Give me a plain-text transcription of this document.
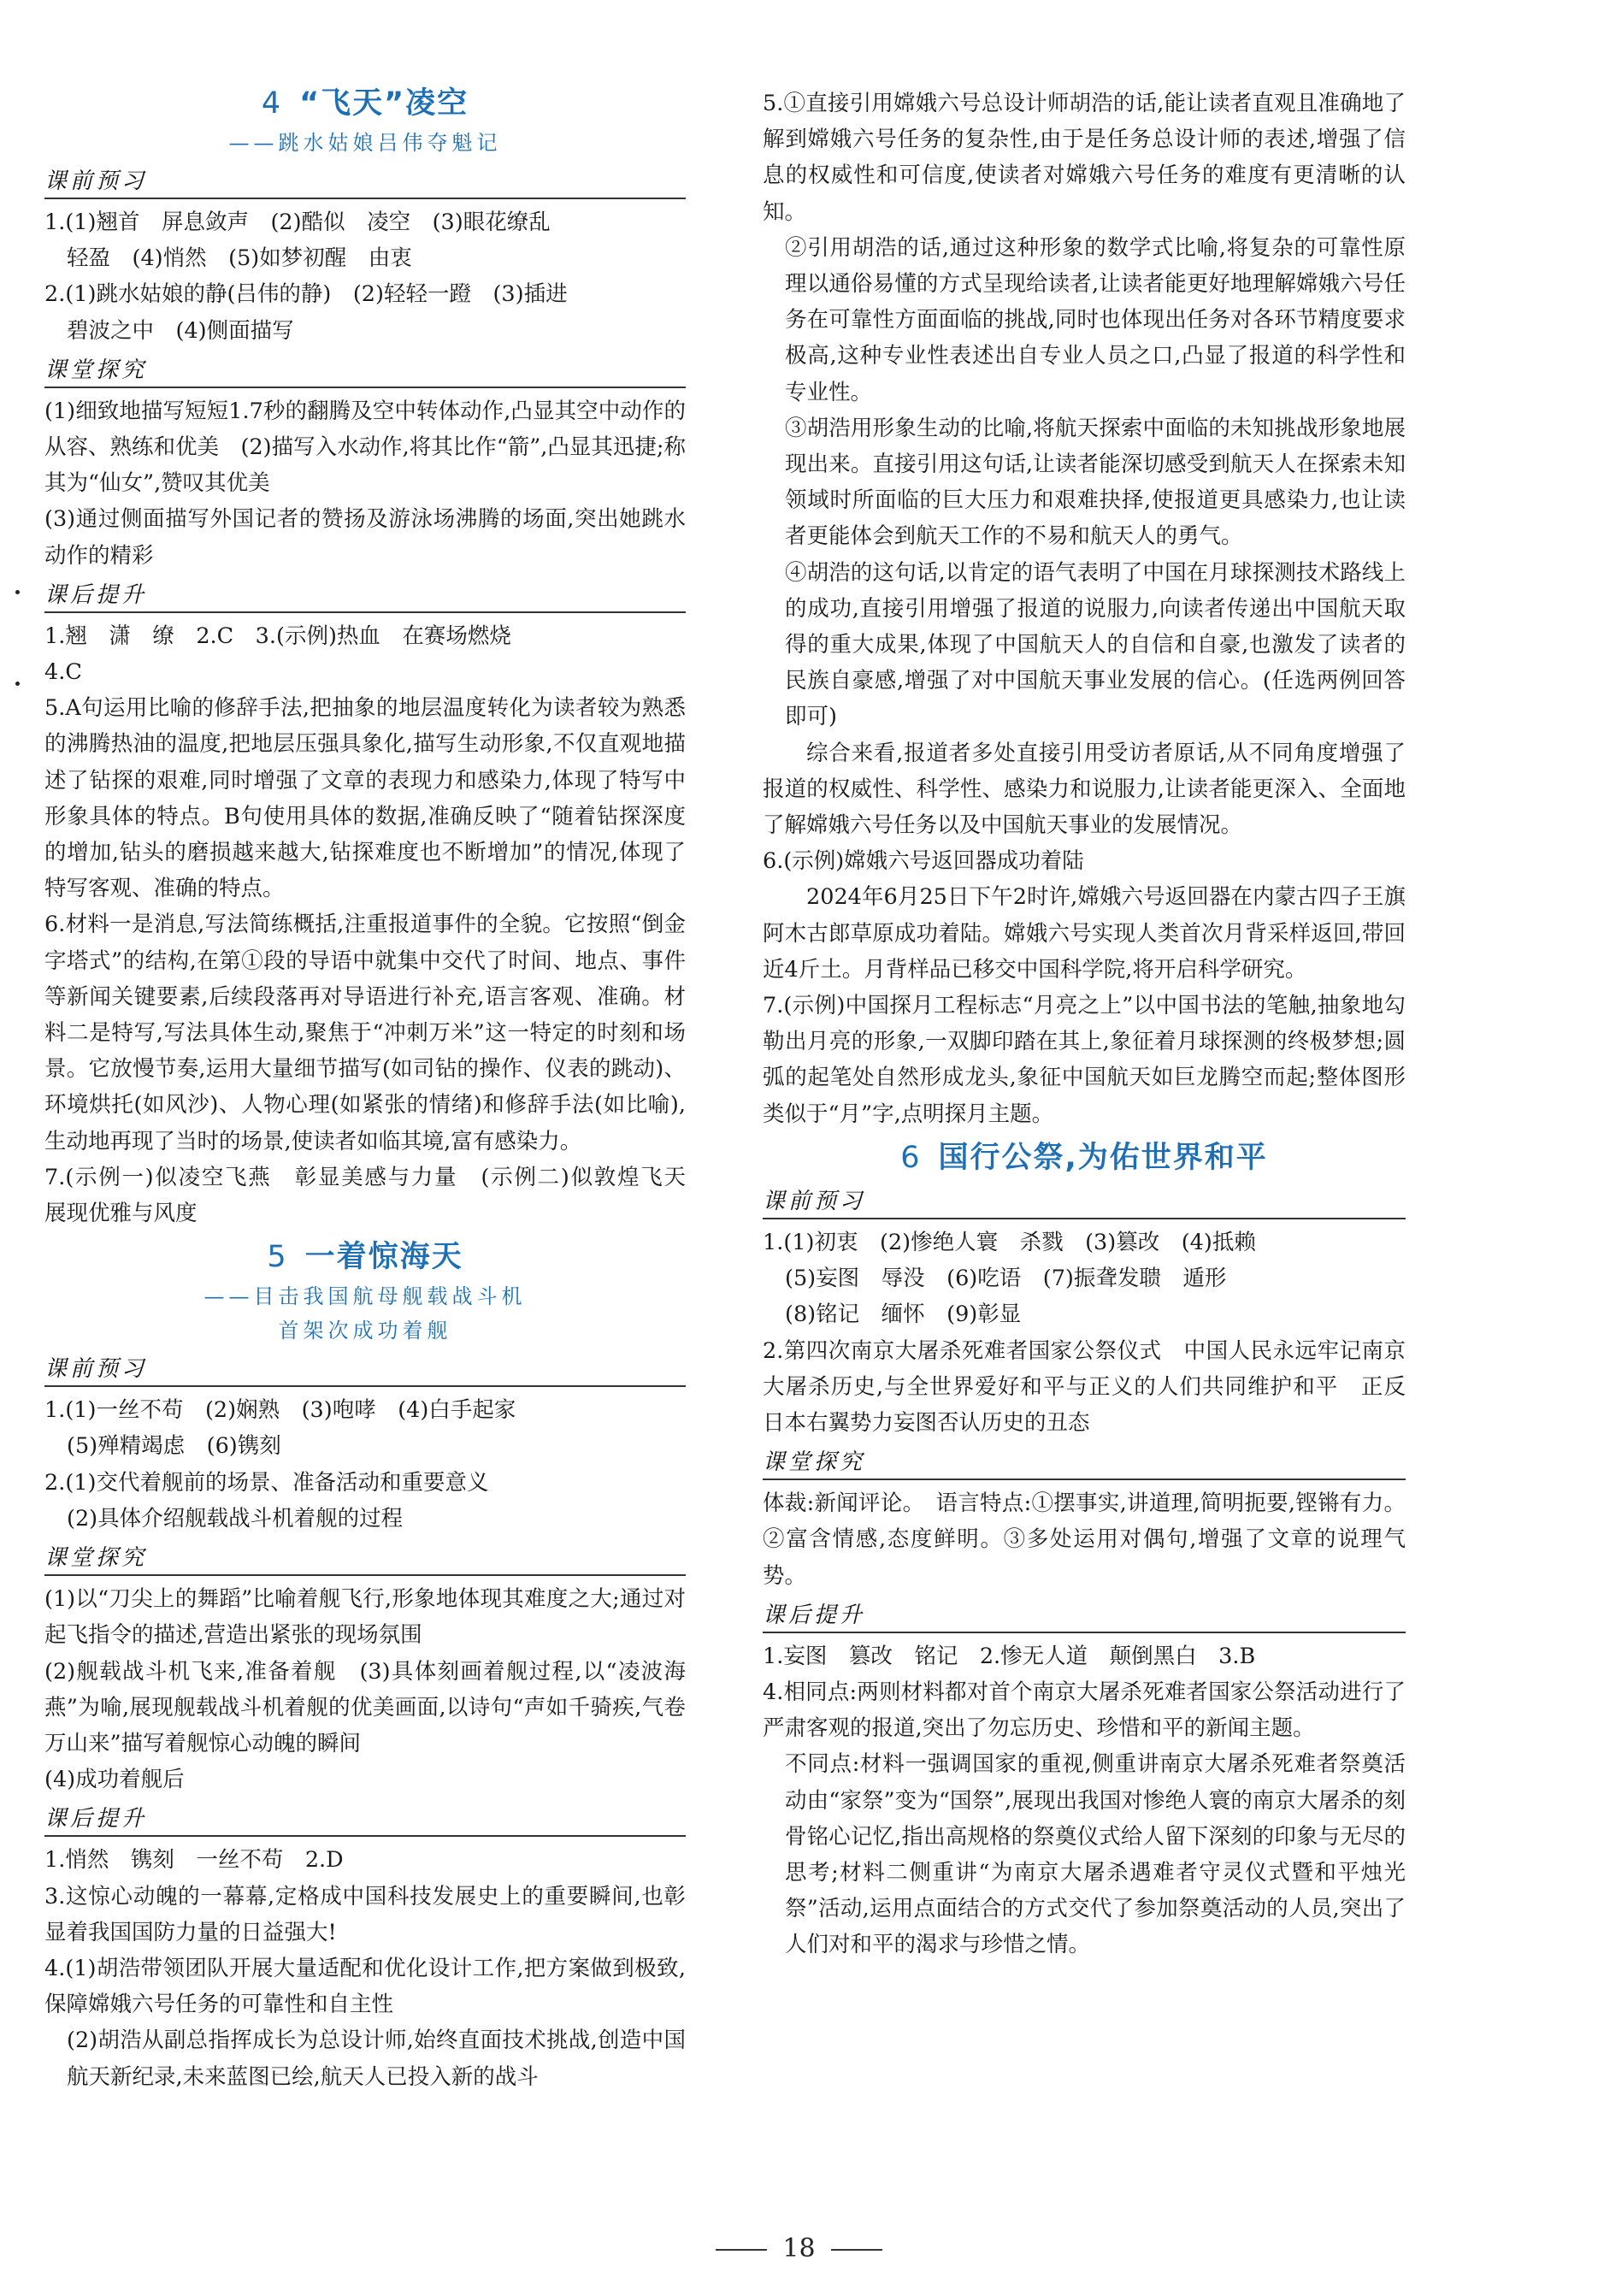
4 “飞天”凌空

——跳水姑娘吕伟夺魁记

课前预习

1.(1)翘首　屏息敛声　(2)酷似　凌空　(3)眼花缭乱

轻盈　(4)悄然　(5)如梦初醒　由衷

2.(1)跳水姑娘的静(吕伟的静)　(2)轻轻一蹬　(3)插进

碧波之中　(4)侧面描写

课堂探究

(1)细致地描写短短1.7秒的翻腾及空中转体动作,凸显其空中动作的从容、熟练和优美　(2)描写入水动作,将其比作“箭”,凸显其迅捷;称其为“仙女”,赞叹其优美

(3)通过侧面描写外国记者的赞扬及游泳场沸腾的场面,突出她跳水动作的精彩

课后提升

1.翘　潇　缭　2.C　3.(示例)热血　在赛场燃烧

4.C

5.A句运用比喻的修辞手法,把抽象的地层温度转化为读者较为熟悉的沸腾热油的温度,把地层压强具象化,描写生动形象,不仅直观地描述了钻探的艰难,同时增强了文章的表现力和感染力,体现了特写中形象具体的特点。B句使用具体的数据,准确反映了“随着钻探深度的增加,钻头的磨损越来越大,钻探难度也不断增加”的情况,体现了特写客观、准确的特点。

6.材料一是消息,写法简练概括,注重报道事件的全貌。它按照“倒金字塔式”的结构,在第①段的导语中就集中交代了时间、地点、事件等新闻关键要素,后续段落再对导语进行补充,语言客观、准确。材料二是特写,写法具体生动,聚焦于“冲刺万米”这一特定的时刻和场景。它放慢节奏,运用大量细节描写(如司钻的操作、仪表的跳动)、环境烘托(如风沙)、人物心理(如紧张的情绪)和修辞手法(如比喻),生动地再现了当时的场景,使读者如临其境,富有感染力。

7.(示例一)似凌空飞燕　彰显美感与力量　(示例二)似敦煌飞天　展现优雅与风度

5 一着惊海天

——目击我国航母舰载战斗机

首架次成功着舰

课前预习

1.(1)一丝不苟　(2)娴熟　(3)咆哮　(4)白手起家

(5)殚精竭虑　(6)镌刻

2.(1)交代着舰前的场景、准备活动和重要意义

(2)具体介绍舰载战斗机着舰的过程

课堂探究

(1)以“刀尖上的舞蹈”比喻着舰飞行,形象地体现其难度之大;通过对起飞指令的描述,营造出紧张的现场氛围

(2)舰载战斗机飞来,准备着舰　(3)具体刻画着舰过程,以“凌波海燕”为喻,展现舰载战斗机着舰的优美画面,以诗句“声如千骑疾,气卷万山来”描写着舰惊心动魄的瞬间

(4)成功着舰后

课后提升

1.悄然　镌刻　一丝不苟　2.D

3.这惊心动魄的一幕幕,定格成中国科技发展史上的重要瞬间,也彰显着我国国防力量的日益强大!

4.(1)胡浩带领团队开展大量适配和优化设计工作,把方案做到极致,保障嫦娥六号任务的可靠性和自主性

(2)胡浩从副总指挥成长为总设计师,始终直面技术挑战,创造中国航天新纪录,未来蓝图已绘,航天人已投入新的战斗

5.①直接引用嫦娥六号总设计师胡浩的话,能让读者直观且准确地了解到嫦娥六号任务的复杂性,由于是任务总设计师的表述,增强了信息的权威性和可信度,使读者对嫦娥六号任务的难度有更清晰的认知。

②引用胡浩的话,通过这种形象的数学式比喻,将复杂的可靠性原理以通俗易懂的方式呈现给读者,让读者能更好地理解嫦娥六号任务在可靠性方面面临的挑战,同时也体现出任务对各环节精度要求极高,这种专业性表述出自专业人员之口,凸显了报道的科学性和专业性。

③胡浩用形象生动的比喻,将航天探索中面临的未知挑战形象地展现出来。直接引用这句话,让读者能深切感受到航天人在探索未知领域时所面临的巨大压力和艰难抉择,使报道更具感染力,也让读者更能体会到航天工作的不易和航天人的勇气。

④胡浩的这句话,以肯定的语气表明了中国在月球探测技术路线上的成功,直接引用增强了报道的说服力,向读者传递出中国航天取得的重大成果,体现了中国航天人的自信和自豪,也激发了读者的民族自豪感,增强了对中国航天事业发展的信心。(任选两例回答即可)

综合来看,报道者多处直接引用受访者原话,从不同角度增强了报道的权威性、科学性、感染力和说服力,让读者能更深入、全面地了解嫦娥六号任务以及中国航天事业的发展情况。

6.(示例)嫦娥六号返回器成功着陆

2024年6月25日下午2时许,嫦娥六号返回器在内蒙古四子王旗阿木古郎草原成功着陆。嫦娥六号实现人类首次月背采样返回,带回近4斤土。月背样品已移交中国科学院,将开启科学研究。

7.(示例)中国探月工程标志“月亮之上”以中国书法的笔触,抽象地勾勒出月亮的形象,一双脚印踏在其上,象征着月球探测的终极梦想;圆弧的起笔处自然形成龙头,象征中国航天如巨龙腾空而起;整体图形类似于“月”字,点明探月主题。

6 国行公祭,为佑世界和平
课前预习

1.(1)初衷　(2)惨绝人寰　杀戮　(3)篡改　(4)抵赖

(5)妄图　辱没　(6)吃语　(7)振聋发聩　遁形

(8)铭记　缅怀　(9)彰显

2.第四次南京大屠杀死难者国家公祭仪式　中国人民永远牢记南京大屠杀历史,与全世界爱好和平与正义的人们共同维护和平　正反　日本右翼势力妄图否认历史的丑态

课堂探究

体裁:新闻评论。　语言特点:①摆事实,讲道理,简明扼要,铿锵有力。②富含情感,态度鲜明。③多处运用对偶句,增强了文章的说理气势。

课后提升

1.妄图　篡改　铭记　2.惨无人道　颠倒黑白　3.B

4.相同点:两则材料都对首个南京大屠杀死难者国家公祭活动进行了严肃客观的报道,突出了勿忘历史、珍惜和平的新闻主题。

不同点:材料一强调国家的重视,侧重讲南京大屠杀死难者祭奠活动由“家祭”变为“国祭”,展现出我国对惨绝人寰的南京大屠杀的刻骨铭心记忆,指出高规格的祭奠仪式给人留下深刻的印象与无尽的思考;材料二侧重讲“为南京大屠杀遇难者守灵仪式暨和平烛光祭”活动,运用点面结合的方式交代了参加祭奠活动的人员,突出了人们对和平的渴求与珍惜之情。

18
